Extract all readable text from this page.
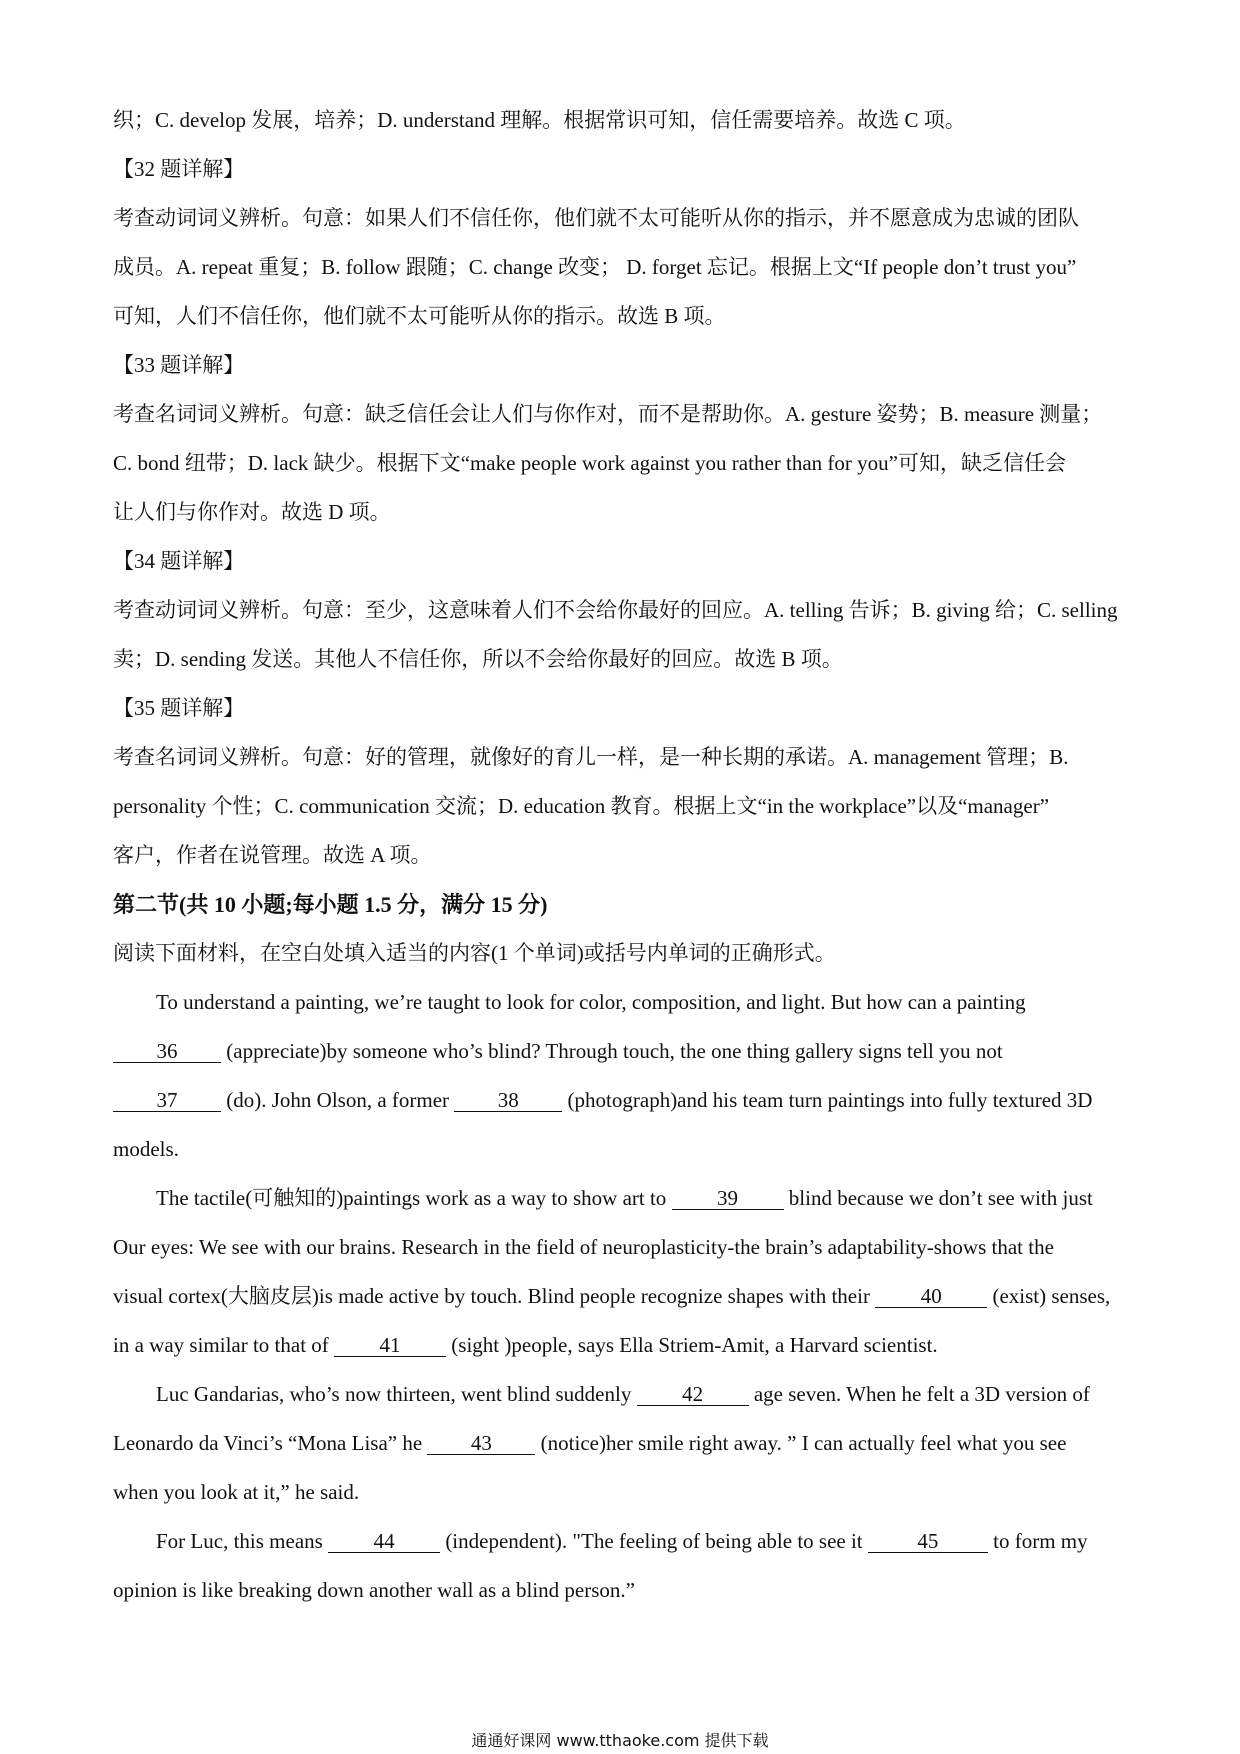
织；C. develop 发展，培养；D. understand 理解。根据常识可知，信任需要培养。故选 C 项。

【32 题详解】

考查动词词义辨析。句意：如果人们不信任你，他们就不太可能听从你的指示，并不愿意成为忠诚的团队

成员。A. repeat 重复；B. follow 跟随；C. change 改变； D. forget 忘记。根据上文“If people don’t trust you”

可知，人们不信任你，他们就不太可能听从你的指示。故选 B 项。

【33 题详解】

考查名词词义辨析。句意：缺乏信任会让人们与你作对，而不是帮助你。A. gesture 姿势；B. measure 测量；

C. bond 纽带；D. lack 缺少。根据下文“make people work against you rather than for you”可知，缺乏信任会

让人们与你作对。故选 D 项。

【34 题详解】

考查动词词义辨析。句意：至少，这意味着人们不会给你最好的回应。A. telling 告诉；B. giving 给；C. selling

卖；D. sending 发送。其他人不信任你，所以不会给你最好的回应。故选 B 项。

【35 题详解】

考查名词词义辨析。句意：好的管理，就像好的育儿一样，是一种长期的承诺。A. management 管理；B.

personality 个性；C. communication 交流；D. education 教育。根据上文“in the workplace”以及“manager”

客户，作者在说管理。故选 A 项。

第二节(共 10 小题;每小题 1.5 分，满分 15 分)

阅读下面材料，在空白处填入适当的内容(1 个单词)或括号内单词的正确形式。

To understand a painting, we’re taught to look for color, composition, and light. But how can a painting

36 (appreciate)by someone who’s blind? Through touch, the one thing gallery signs tell you not

37 (do). John Olson, a former 38 (photograph)and his team turn paintings into fully textured 3D

models.

The tactile(可触知的)paintings work as a way to show art to 39 blind because we don’t see with just

Our eyes: We see with our brains. Research in the field of neuroplasticity-the brain’s adaptability-shows that the

visual cortex(大脑皮层)is made active by touch. Blind people recognize shapes with their 40 (exist) senses,

in a way similar to that of 41 (sight )people, says Ella Striem-Amit, a Harvard scientist.

Luc Gandarias, who’s now thirteen, went blind suddenly 42 age seven. When he felt a 3D version of

Leonardo da Vinci’s “Mona Lisa” he 43 (notice)her smile right away. ” I can actually feel what you see

when you look at it,” he said.

For Luc, this means 44 (independent). "The feeling of being able to see it 45 to form my

opinion is like breaking down another wall as a blind person.”

通通好课网 www.tthaoke.com 提供下载
